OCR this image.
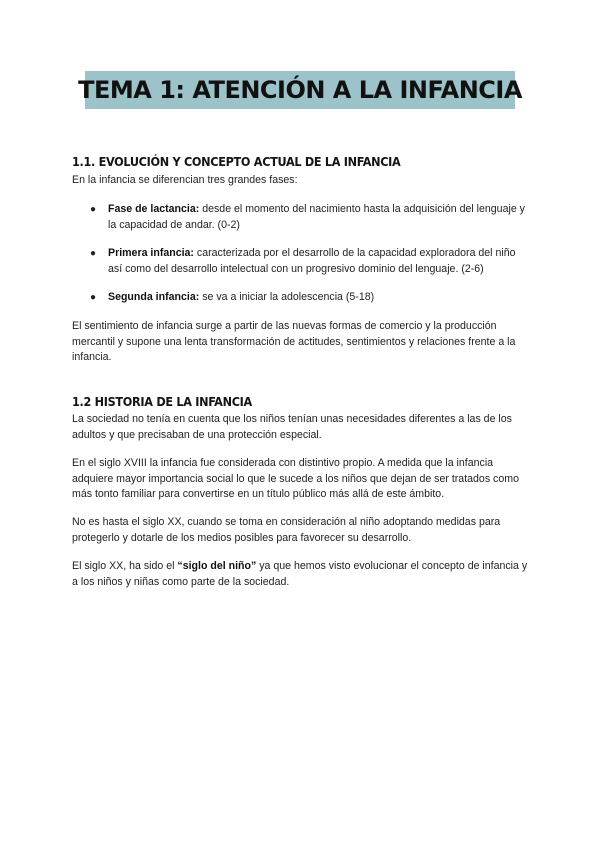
TEMA 1: ATENCIÓN A LA INFANCIA
1.1. EVOLUCIÓN Y CONCEPTO ACTUAL DE LA INFANCIA
En la infancia se diferencian tres grandes fases:
● Fase de lactancia: desde el momento del nacimiento hasta la adquisición del lenguaje y la capacidad de andar. (0-2)
● Primera infancia: caracterizada por el desarrollo de la capacidad exploradora del niño así como del desarrollo intelectual con un progresivo dominio del lenguaje. (2-6)
● Segunda infancia: se va a iniciar la adolescencia (5-18)
El sentimiento de infancia surge a partir de las nuevas formas de comercio y la producción mercantil y supone una lenta transformación de actitudes, sentimientos y relaciones frente a la infancia.
1.2 HISTORIA DE LA INFANCIA
La sociedad no tenía en cuenta que los niños tenían unas necesidades diferentes a las de los adultos y que precisaban de una protección especial.
En el siglo XVIII la infancia fue considerada con distintivo propio. A medida que la infancia adquiere mayor importancia social lo que le sucede a los niños que dejan de ser tratados como más tonto familiar para convertirse en un título público más allá de este ámbito.
No es hasta el siglo XX, cuando se toma en consideración al niño adoptando medidas para protegerlo y dotarle de los medios posibles para favorecer su desarrollo.
El siglo XX, ha sido el “siglo del niño” ya que hemos visto evolucionar el concepto de infancia y a los niños y niñas como parte de la sociedad.
